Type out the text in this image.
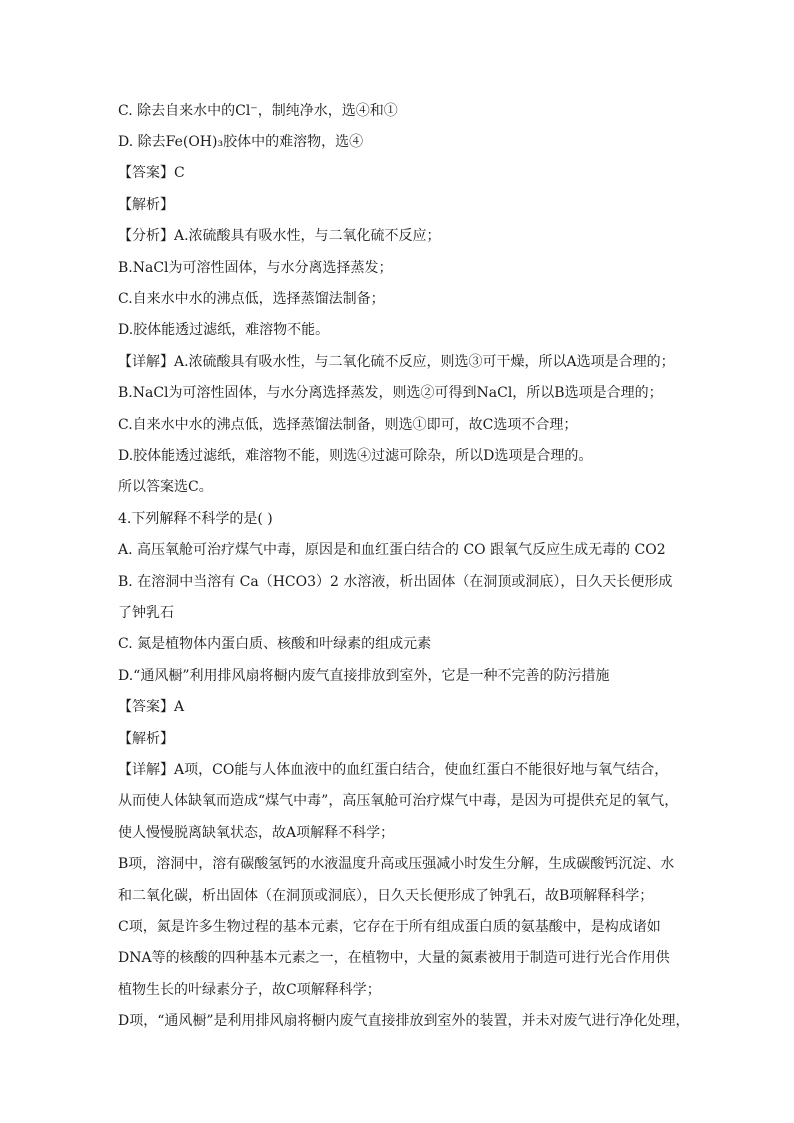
C. 除去自来水中的Cl⁻，制纯净水，选④和①
D. 除去Fe(OH)₃胶体中的难溶物，选④
【答案】C
【解析】
【分析】A.浓硫酸具有吸水性，与二氧化硫不反应；
B.NaCl为可溶性固体，与水分离选择蒸发；
C.自来水中水的沸点低，选择蒸馏法制备；
D.胶体能透过滤纸，难溶物不能。
【详解】A.浓硫酸具有吸水性，与二氧化硫不反应，则选③可干燥，所以A选项是合理的；
B.NaCl为可溶性固体，与水分离选择蒸发，则选②可得到NaCl，所以B选项是合理的；
C.自来水中水的沸点低，选择蒸馏法制备，则选①即可，故C选项不合理；
D.胶体能透过滤纸，难溶物不能，则选④过滤可除杂，所以D选项是合理的。
所以答案选C。
4.下列解释不科学的是( )
A. 高压氧舱可治疗煤气中毒，原因是和血红蛋白结合的 CO 跟氧气反应生成无毒的 CO2
B. 在溶洞中当溶有 Ca（HCO3）2 水溶液，析出固体（在洞顶或洞底），日久天长便形成
了钟乳石
C. 氮是植物体内蛋白质、核酸和叶绿素的组成元素
D.“通风橱”利用排风扇将橱内废气直接排放到室外，它是一种不完善的防污措施
【答案】A
【解析】
【详解】A项，CO能与人体血液中的血红蛋白结合，使血红蛋白不能很好地与氧气结合，
从而使人体缺氧而造成“煤气中毒”，高压氧舱可治疗煤气中毒，是因为可提供充足的氧气，
使人慢慢脱离缺氧状态，故A项解释不科学；
B项，溶洞中，溶有碳酸氢钙的水液温度升高或压强减小时发生分解，生成碳酸钙沉淀、水
和二氧化碳，析出固体（在洞顶或洞底），日久天长便形成了钟乳石，故B项解释科学；
C项，氮是许多生物过程的基本元素，它存在于所有组成蛋白质的氨基酸中，是构成诸如
DNA等的核酸的四种基本元素之一，在植物中，大量的氮素被用于制造可进行光合作用供
植物生长的叶绿素分子，故C项解释科学；
D项，“通风橱”是利用排风扇将橱内废气直接排放到室外的装置，并未对废气进行净化处理，
